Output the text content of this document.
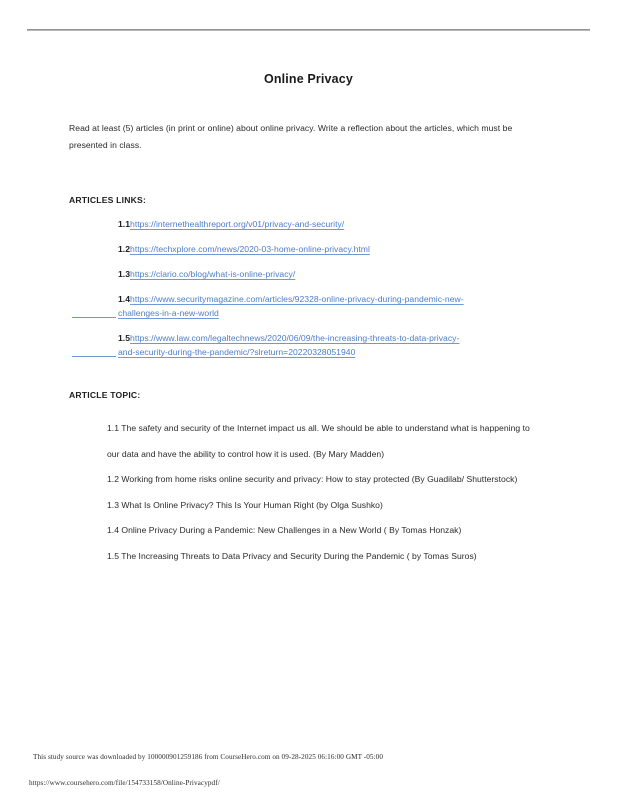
Online Privacy
Read at least (5) articles (in print or online) about online privacy. Write a reflection about the articles, which must be presented in class.
ARTICLES LINKS:
1.1https://internethealthreport.org/v01/privacy-and-security/
1.2https://techxplore.com/news/2020-03-home-online-privacy.html
1.3https://clario.co/blog/what-is-online-privacy/
1.4https://www.securitymagazine.com/articles/92328-online-privacy-during-pandemic-new-
challenges-in-a-new-world
1.5https://www.law.com/legaltechnews/2020/06/09/the-increasing-threats-to-data-privacy-
and-security-during-the-pandemic/?slreturn=20220328051940
ARTICLE TOPIC:
1.1 The safety and security of the Internet impact us all. We should be able to understand what is happening to our data and have the ability to control how it is used. (By Mary Madden)
1.2 Working from home risks online security and privacy: How to stay protected (By Guadilab/ Shutterstock)
1.3 What Is Online Privacy? This Is Your Human Right (by Olga Sushko)
1.4 Online Privacy During a Pandemic: New Challenges in a New World ( By Tomas Honzak)
1.5 The Increasing Threats to Data Privacy and Security During the Pandemic ( by Tomas Suros)
This study source was downloaded by 100000901259186 from CourseHero.com on 09-28-2025 06:16:00 GMT -05:00
https://www.coursehero.com/file/154733158/Online-Privacypdf/
